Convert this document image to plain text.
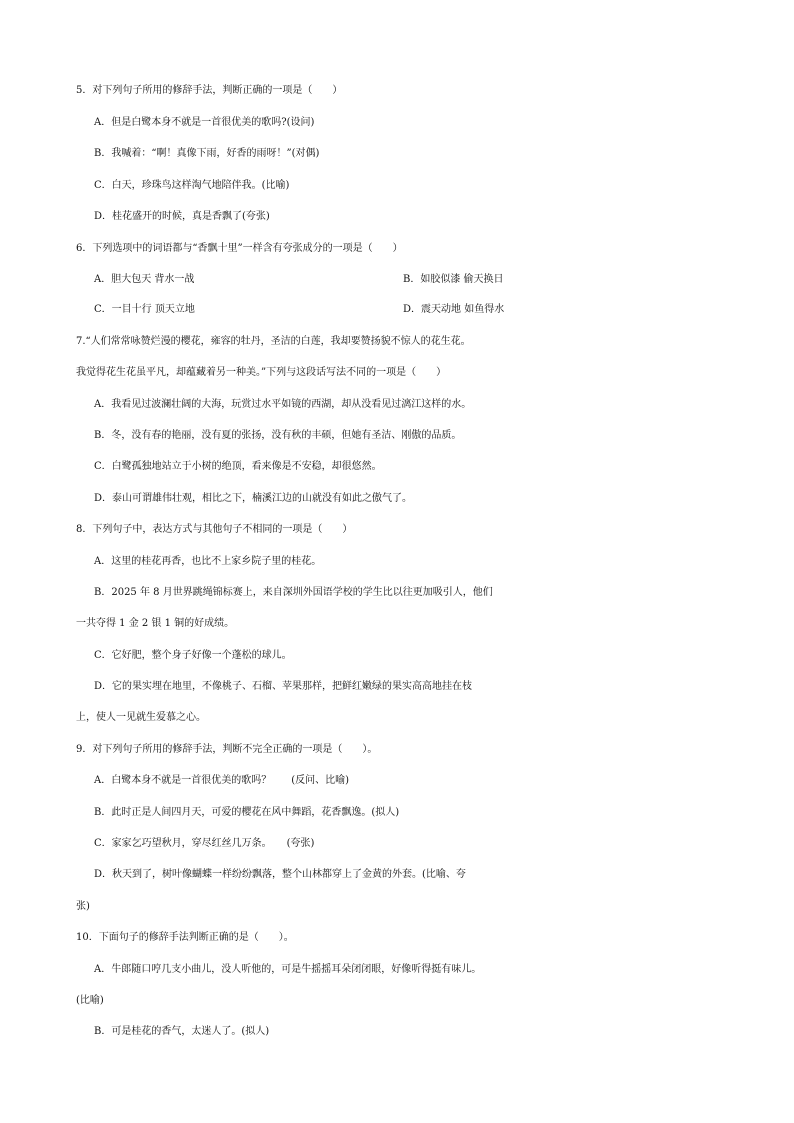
5．对下列句子所用的修辞手法，判断正确的一项是（　　）
A．但是白鹭本身不就是一首很优美的歌吗?(设问)
B．我喊着：“啊！真像下雨，好香的雨呀！”(对偶)
C．白天，珍珠鸟这样淘气地陪伴我。(比喻)
D．桂花盛开的时候，真是香飘了(夸张)
6．下列选项中的词语都与“香飘十里”一样含有夸张成分的一项是（　　）
A．胆大包天 背水一战	B．如胶似漆 偷天换日
C．一目十行 顶天立地	D．震天动地 如鱼得水
7.“人们常常咏赞烂漫的樱花，雍容的牡丹，圣洁的白莲，我却要赞扬貌不惊人的花生花。
我觉得花生花虽平凡，却蕴藏着另一种美。”下列与这段话写法不同的一项是（　　）
A．我看见过波澜壮阔的大海，玩赏过水平如镜的西湖，却从没看见过漓江这样的水。
B．冬，没有春的艳丽，没有夏的张扬，没有秋的丰硕，但她有圣洁、刚傲的品质。
C．白鹭孤独地站立于小树的绝顶，看来像是不安稳，却很悠然。
D．泰山可谓雄伟壮观，相比之下，楠溪江边的山就没有如此之傲气了。
8．下列句子中，表达方式与其他句子不相同的一项是（　　）
A．这里的桂花再香，也比不上家乡院子里的桂花。
B．2025 年 8 月世界跳绳锦标赛上，来自深圳外国语学校的学生比以往更加吸引人，他们
一共夺得 1 金 2 银 1 铜的好成绩。
C．它好肥，整个身子好像一个蓬松的球儿。
D．它的果实埋在地里，不像桃子、石榴、苹果那样，把鲜红嫩绿的果实高高地挂在枝
上，使人一见就生爱慕之心。
9．对下列句子所用的修辞手法，判断不完全正确的一项是（　　）。
A．白鹭本身不就是一首很优美的歌吗？　　(反问、比喻)
B．此时正是人间四月天，可爱的樱花在风中舞蹈，花香飘逸。(拟人)
C．家家乞巧望秋月，穿尽红丝几万条。　　(夸张)
D．秋天到了，树叶像蝴蝶一样纷纷飘落，整个山林都穿上了金黄的外套。(比喻、夸
张)
10．下面句子的修辞手法判断正确的是（　　）。
A．牛郎随口哼几支小曲儿，没人听他的，可是牛摇摇耳朵闭闭眼，好像听得挺有味儿。
(比喻)
B．可是桂花的香气，太迷人了。(拟人)
